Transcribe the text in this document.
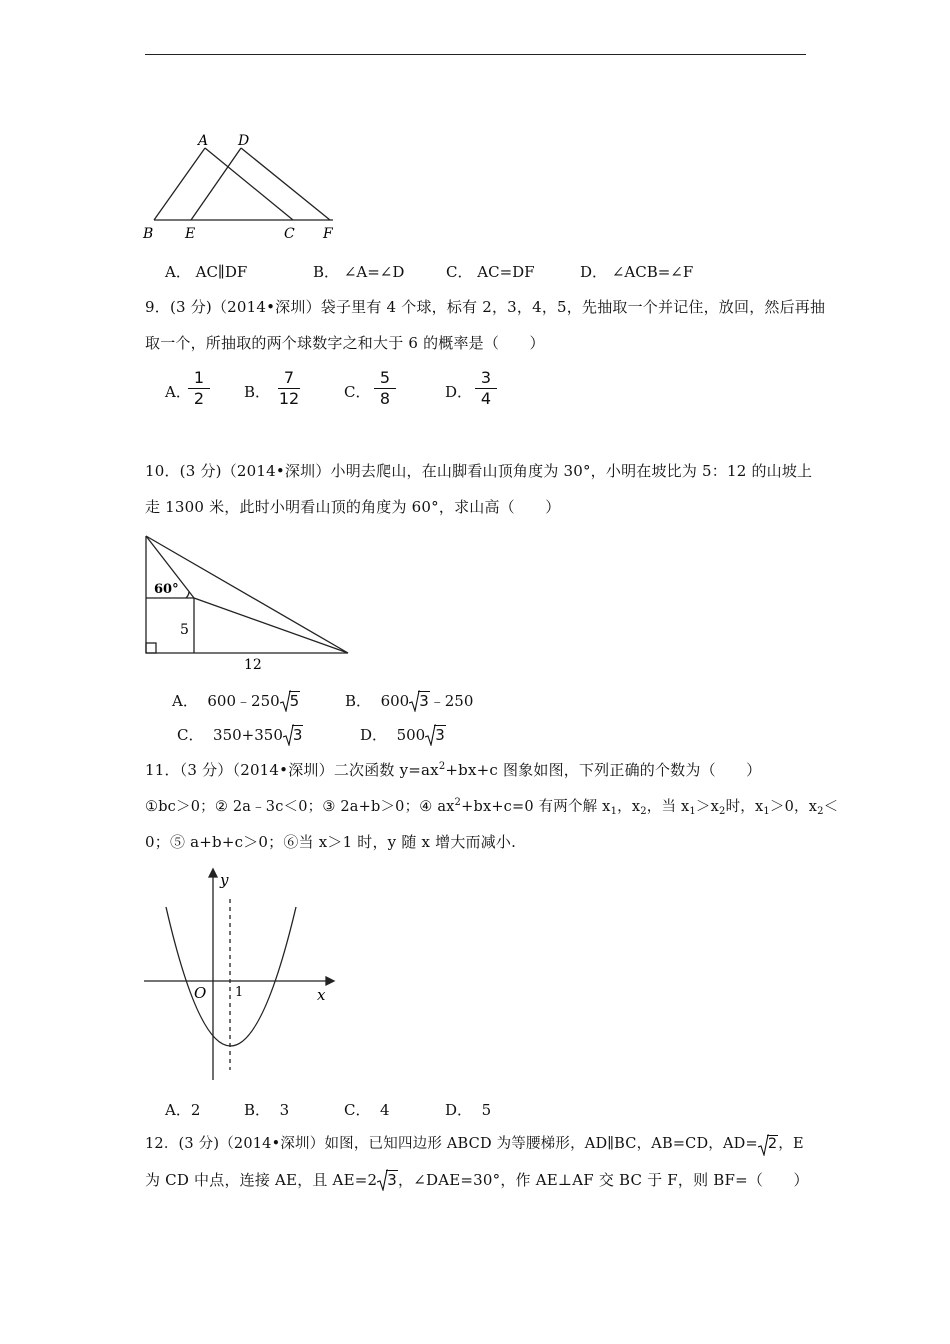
A D
B E	C F
A． AC∥DF	B． ∠A=∠D	C． AC=DF	D． ∠ACB=∠F
9．(3 分)（2014•深圳）袋子里有 4 个球，标有 2，3，4，5，先抽取一个并记住，放回，然后再抽
取一个，所抽取的两个球数字之和大于 6 的概率是（　　）
A．
$\frac{1}{2}$ B． $\frac{7}{12}$	C． $\frac{5}{8}$	D． $\frac{3}{4}$
10．(3 分)（2014•深圳）小明去爬山，在山脚看山顶角度为 30°，小明在坡比为 5：12 的山坡上
走 1300 米，此时小明看山顶的角度为 60°，求山高（　　）
60°
5
12
A． 600﹣250 5	B． 600 3﹣250
C． 350+350 3	D． 500 3
11．（3 分）（2014•深圳）二次函数 $y=ax^2+bx+c$ 图象如图，下列正确的个数为（　　）
①bc＞0；② 2a﹣3c＜0；③ 2a+b＞0；④ $ax^2+bx+c=0$ 有两个解 $x_1$，$x_2$，当 $x_1>x_2$时，$x_1>0$，$x_2<$
0；⑤ a+b+c＞0；⑥当 x＞1 时，y 随 x 增大而减小.
y
x
O 1
A．2	B． 3	C． 4	D． 5
12．(3 分)（2014•深圳）如图，已知四边形 ABCD 为等腰梯形，AD∥BC，AB=CD，AD= 2，E
为 CD 中点，连接 AE，且 AE=2 3，∠DAE=30°，作 AE⊥AF 交 BC 于 F，则 BF=（　　）
